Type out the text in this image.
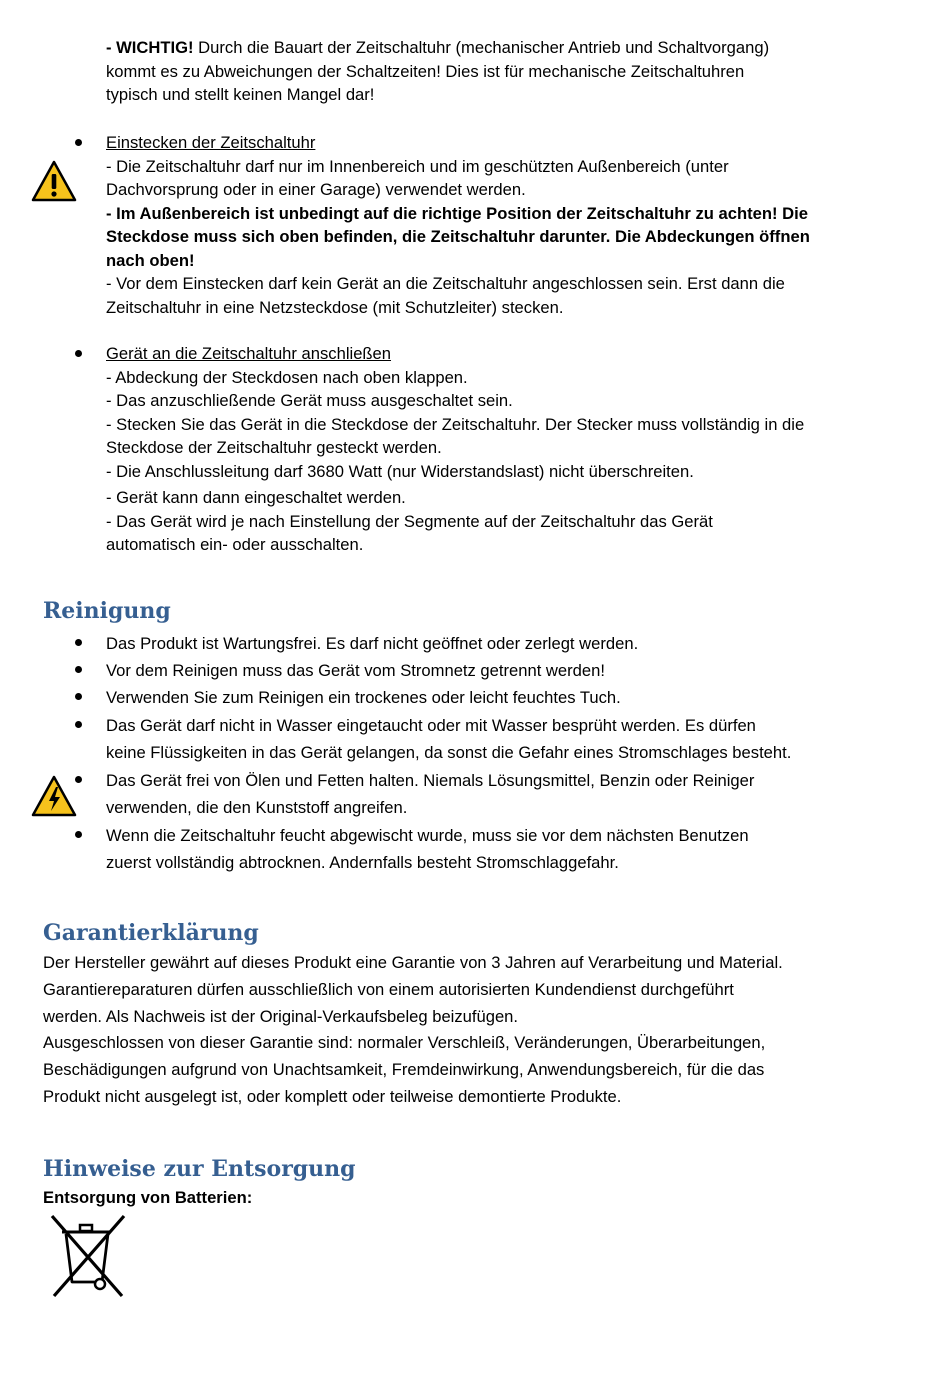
- WICHTIG! Durch die Bauart der Zeitschaltuhr (mechanischer Antrieb und Schaltvorgang)
kommt es zu Abweichungen der Schaltzeiten! Dies ist für mechanische Zeitschaltuhren
typisch und stellt keinen Mangel dar!
Einstecken der Zeitschaltuhr
- Die Zeitschaltuhr darf nur im Innenbereich und im geschützten Außenbereich (unter
Dachvorsprung oder in einer Garage) verwendet werden.
- Im Außenbereich ist unbedingt auf die richtige Position der Zeitschaltuhr zu achten! Die
Steckdose muss sich oben befinden, die Zeitschaltuhr darunter. Die Abdeckungen öffnen
nach oben!
- Vor dem Einstecken darf kein Gerät an die Zeitschaltuhr angeschlossen sein. Erst dann die
Zeitschaltuhr in eine Netzsteckdose (mit Schutzleiter) stecken.
Gerät an die Zeitschaltuhr anschließen
- Abdeckung der Steckdosen nach oben klappen.
- Das anzuschließende Gerät muss ausgeschaltet sein.
- Stecken Sie das Gerät in die Steckdose der Zeitschaltuhr. Der Stecker muss vollständig in die
Steckdose der Zeitschaltuhr gesteckt werden.
- Die Anschlussleitung darf 3680 Watt (nur Widerstandslast) nicht überschreiten.
- Gerät kann dann eingeschaltet werden.
- Das Gerät wird je nach Einstellung der Segmente auf der Zeitschaltuhr das Gerät
automatisch ein- oder ausschalten.
Reinigung
Das Produkt ist Wartungsfrei. Es darf nicht geöffnet oder zerlegt werden.
Vor dem Reinigen muss das Gerät vom Stromnetz getrennt werden!
Verwenden Sie zum Reinigen ein trockenes oder leicht feuchtes Tuch.
Das Gerät darf nicht in Wasser eingetaucht oder mit Wasser besprüht werden. Es dürfen
keine Flüssigkeiten in das Gerät gelangen, da sonst die Gefahr eines Stromschlages besteht.
Das Gerät frei von Ölen und Fetten halten. Niemals Lösungsmittel, Benzin oder Reiniger
verwenden, die den Kunststoff angreifen.
Wenn die Zeitschaltuhr feucht abgewischt wurde, muss sie vor dem nächsten Benutzen
zuerst vollständig abtrocknen. Andernfalls besteht Stromschlaggefahr.
Garantierklärung
Der Hersteller gewährt auf dieses Produkt eine Garantie von 3 Jahren auf Verarbeitung und Material.
Garantiereparaturen dürfen ausschließlich von einem autorisierten Kundendienst durchgeführt
werden. Als Nachweis ist der Original-Verkaufsbeleg beizufügen.
Ausgeschlossen von dieser Garantie sind: normaler Verschleiß, Veränderungen, Überarbeitungen,
Beschädigungen aufgrund von Unachtsamkeit, Fremdeinwirkung, Anwendungsbereich, für die das
Produkt nicht ausgelegt ist, oder komplett oder teilweise demontierte Produkte.
Hinweise zur Entsorgung
Entsorgung von Batterien:
